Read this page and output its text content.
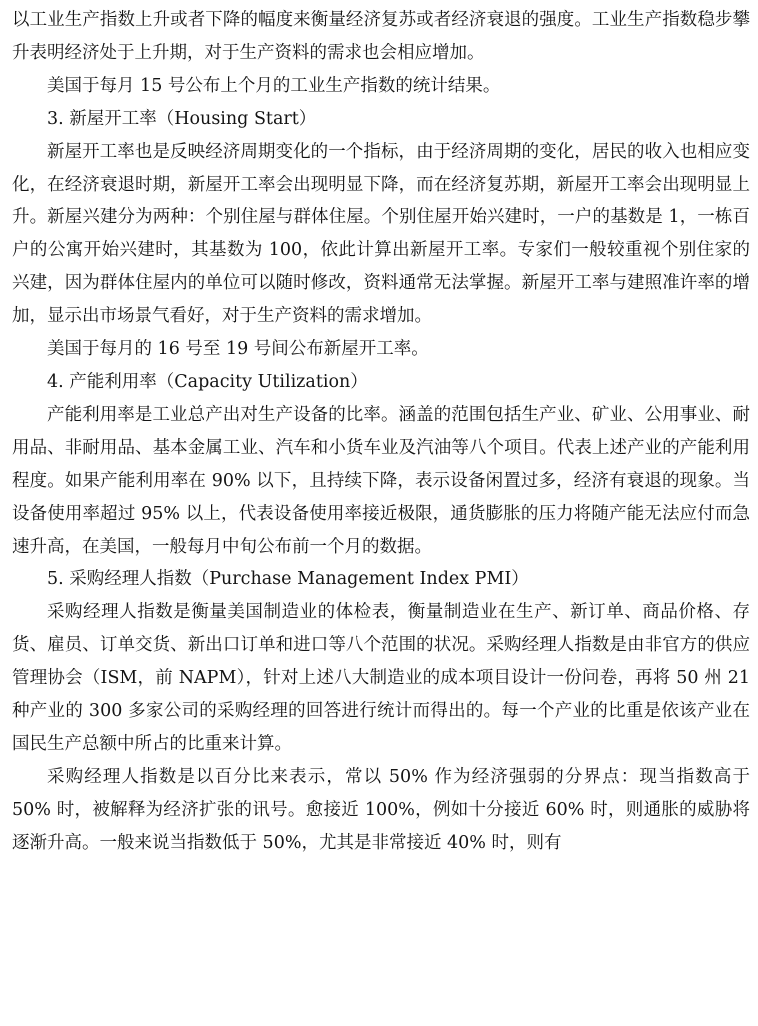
以工业生产指数上升或者下降的幅度来衡量经济复苏或者经济衰退的强度。工业生产指数稳步攀升表明经济处于上升期，对于生产资料的需求也会相应增加。

美国于每月 15 号公布上个月的工业生产指数的统计结果。

3. 新屋开工率（Housing Start）

新屋开工率也是反映经济周期变化的一个指标，由于经济周期的变化，居民的收入也相应变化，在经济衰退时期，新屋开工率会出现明显下降，而在经济复苏期，新屋开工率会出现明显上升。新屋兴建分为两种：个别住屋与群体住屋。个别住屋开始兴建时，一户的基数是 1，一栋百户的公寓开始兴建时，其基数为 100，依此计算出新屋开工率。专家们一般较重视个别住家的兴建，因为群体住屋内的单位可以随时修改，资料通常无法掌握。新屋开工率与建照准许率的增加，显示出市场景气看好，对于生产资料的需求增加。

美国于每月的 16 号至 19 号间公布新屋开工率。

4. 产能利用率（Capacity Utilization）

产能利用率是工业总产出对生产设备的比率。涵盖的范围包括生产业、矿业、公用事业、耐用品、非耐用品、基本金属工业、汽车和小货车业及汽油等八个项目。代表上述产业的产能利用程度。如果产能利用率在 90% 以下，且持续下降，表示设备闲置过多，经济有衰退的现象。当设备使用率超过 95% 以上，代表设备使用率接近极限，通货膨胀的压力将随产能无法应付而急速升高，在美国，一般每月中旬公布前一个月的数据。

5. 采购经理人指数（Purchase Management Index PMI）

采购经理人指数是衡量美国制造业的体检表，衡量制造业在生产、新订单、商品价格、存货、雇员、订单交货、新出口订单和进口等八个范围的状况。采购经理人指数是由非官方的供应管理协会（ISM，前 NAPM），针对上述八大制造业的成本项目设计一份问卷，再将 50 州 21 种产业的 300 多家公司的采购经理的回答进行统计而得出的。每一个产业的比重是依该产业在国民生产总额中所占的比重来计算。

采购经理人指数是以百分比来表示，常以 50% 作为经济强弱的分界点：现当指数高于 50% 时，被解释为经济扩张的讯号。愈接近 100%，例如十分接近 60% 时，则通胀的威胁将逐渐升高。一般来说当指数低于 50%，尤其是非常接近 40% 时，则有
